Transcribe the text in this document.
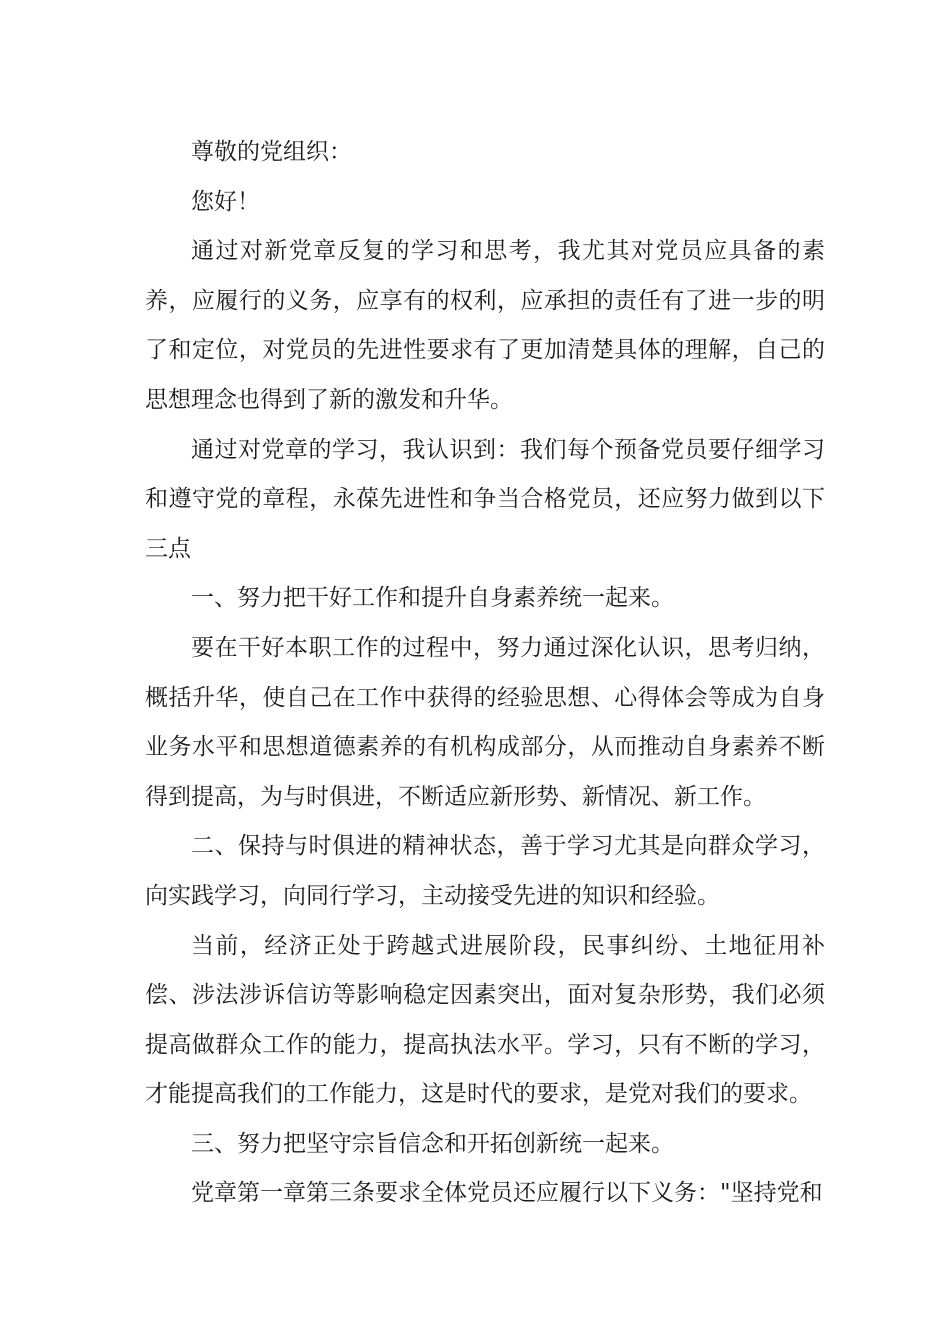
尊敬的党组织：

您好！

通过对新党章反复的学习和思考，我尤其对党员应具备的素养，应履行的义务，应享有的权利，应承担的责任有了进一步的明了和定位，对党员的先进性要求有了更加清楚具体的理解，自己的思想理念也得到了新的激发和升华。

通过对党章的学习，我认识到：我们每个预备党员要仔细学习和遵守党的章程，永葆先进性和争当合格党员，还应努力做到以下三点

一、努力把干好工作和提升自身素养统一起来。

要在干好本职工作的过程中，努力通过深化认识，思考归纳，概括升华，使自己在工作中获得的经验思想、心得体会等成为自身业务水平和思想道德素养的有机构成部分，从而推动自身素养不断得到提高，为与时俱进，不断适应新形势、新情况、新工作。

二、保持与时俱进的精神状态，善于学习尤其是向群众学习，向实践学习，向同行学习，主动接受先进的知识和经验。

当前，经济正处于跨越式进展阶段，民事纠纷、土地征用补偿、涉法涉诉信访等影响稳定因素突出，面对复杂形势，我们必须提高做群众工作的能力，提高执法水平。学习，只有不断的学习，才能提高我们的工作能力，这是时代的要求，是党对我们的要求。

三、努力把坚守宗旨信念和开拓创新统一起来。

党章第一章第三条要求全体党员还应履行以下义务："坚持党和
